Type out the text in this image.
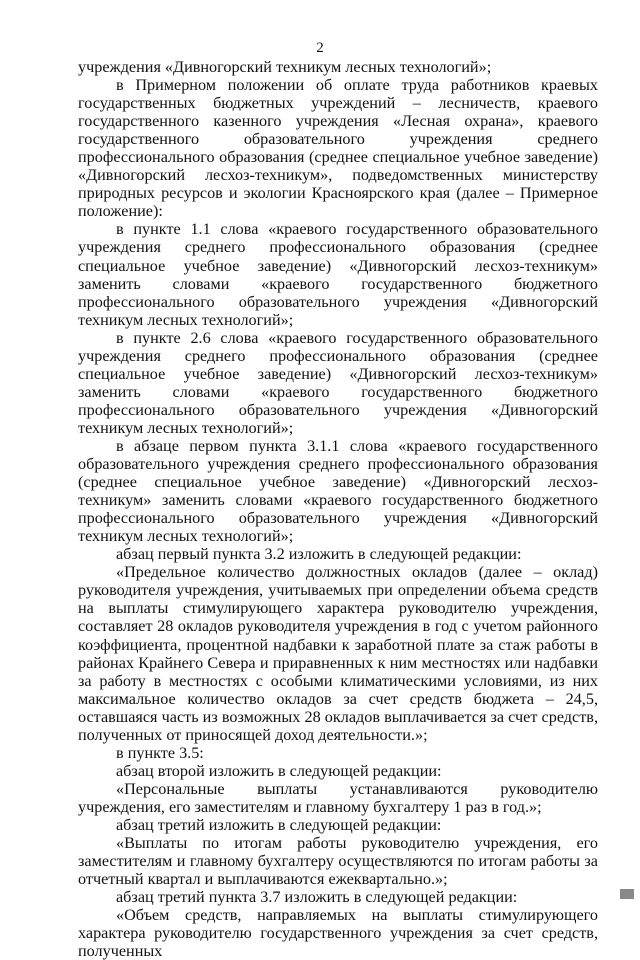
2

учреждения «Дивногорский техникум лесных технологий»;

в Примерном положении об оплате труда работников краевых государственных бюджетных учреждений – лесничеств, краевого государственного казенного учреждения «Лесная охрана», краевого государственного образовательного учреждения среднего профессионального образования (среднее специальное учебное заведение) «Дивногорский лесхоз-техникум», подведомственных министерству природных ресурсов и экологии Красноярского края (далее – Примерное положение):

в пункте 1.1 слова «краевого государственного образовательного учреждения среднего профессионального образования (среднее специальное учебное заведение) «Дивногорский лесхоз-техникум» заменить словами «краевого государственного бюджетного профессионального образовательного учреждения «Дивногорский техникум лесных технологий»;

в пункте 2.6 слова «краевого государственного образовательного учреждения среднего профессионального образования (среднее специальное учебное заведение) «Дивногорский лесхоз-техникум» заменить словами «краевого государственного бюджетного профессионального образовательного учреждения «Дивногорский техникум лесных технологий»;

в абзаце первом пункта 3.1.1 слова «краевого государственного образовательного учреждения среднего профессионального образования (среднее специальное учебное заведение) «Дивногорский лесхоз-техникум» заменить словами «краевого государственного бюджетного профессионального образовательного учреждения «Дивногорский техникум лесных технологий»;

абзац первый пункта 3.2 изложить в следующей редакции:

«Предельное количество должностных окладов (далее – оклад) руководителя учреждения, учитываемых при определении объема средств на выплаты стимулирующего характера руководителю учреждения, составляет 28 окладов руководителя учреждения в год с учетом районного коэффициента, процентной надбавки к заработной плате за стаж работы в районах Крайнего Севера и приравненных к ним местностях или надбавки за работу в местностях с особыми климатическими условиями, из них максимальное количество окладов за счет средств бюджета – 24,5, оставшаяся часть из возможных 28 окладов выплачивается за счет средств, полученных от приносящей доход деятельности.»;

в пункте 3.5:

абзац второй изложить в следующей редакции:

«Персональные выплаты устанавливаются руководителю учреждения, его заместителям и главному бухгалтеру 1 раз в год.»;

абзац третий изложить в следующей редакции:

«Выплаты по итогам работы руководителю учреждения, его заместителям и главному бухгалтеру осуществляются по итогам работы за отчетный квартал и выплачиваются ежеквартально.»;

абзац третий пункта 3.7 изложить в следующей редакции:

«Объем средств, направляемых на выплаты стимулирующего характера руководителю государственного учреждения за счет средств, полученных
